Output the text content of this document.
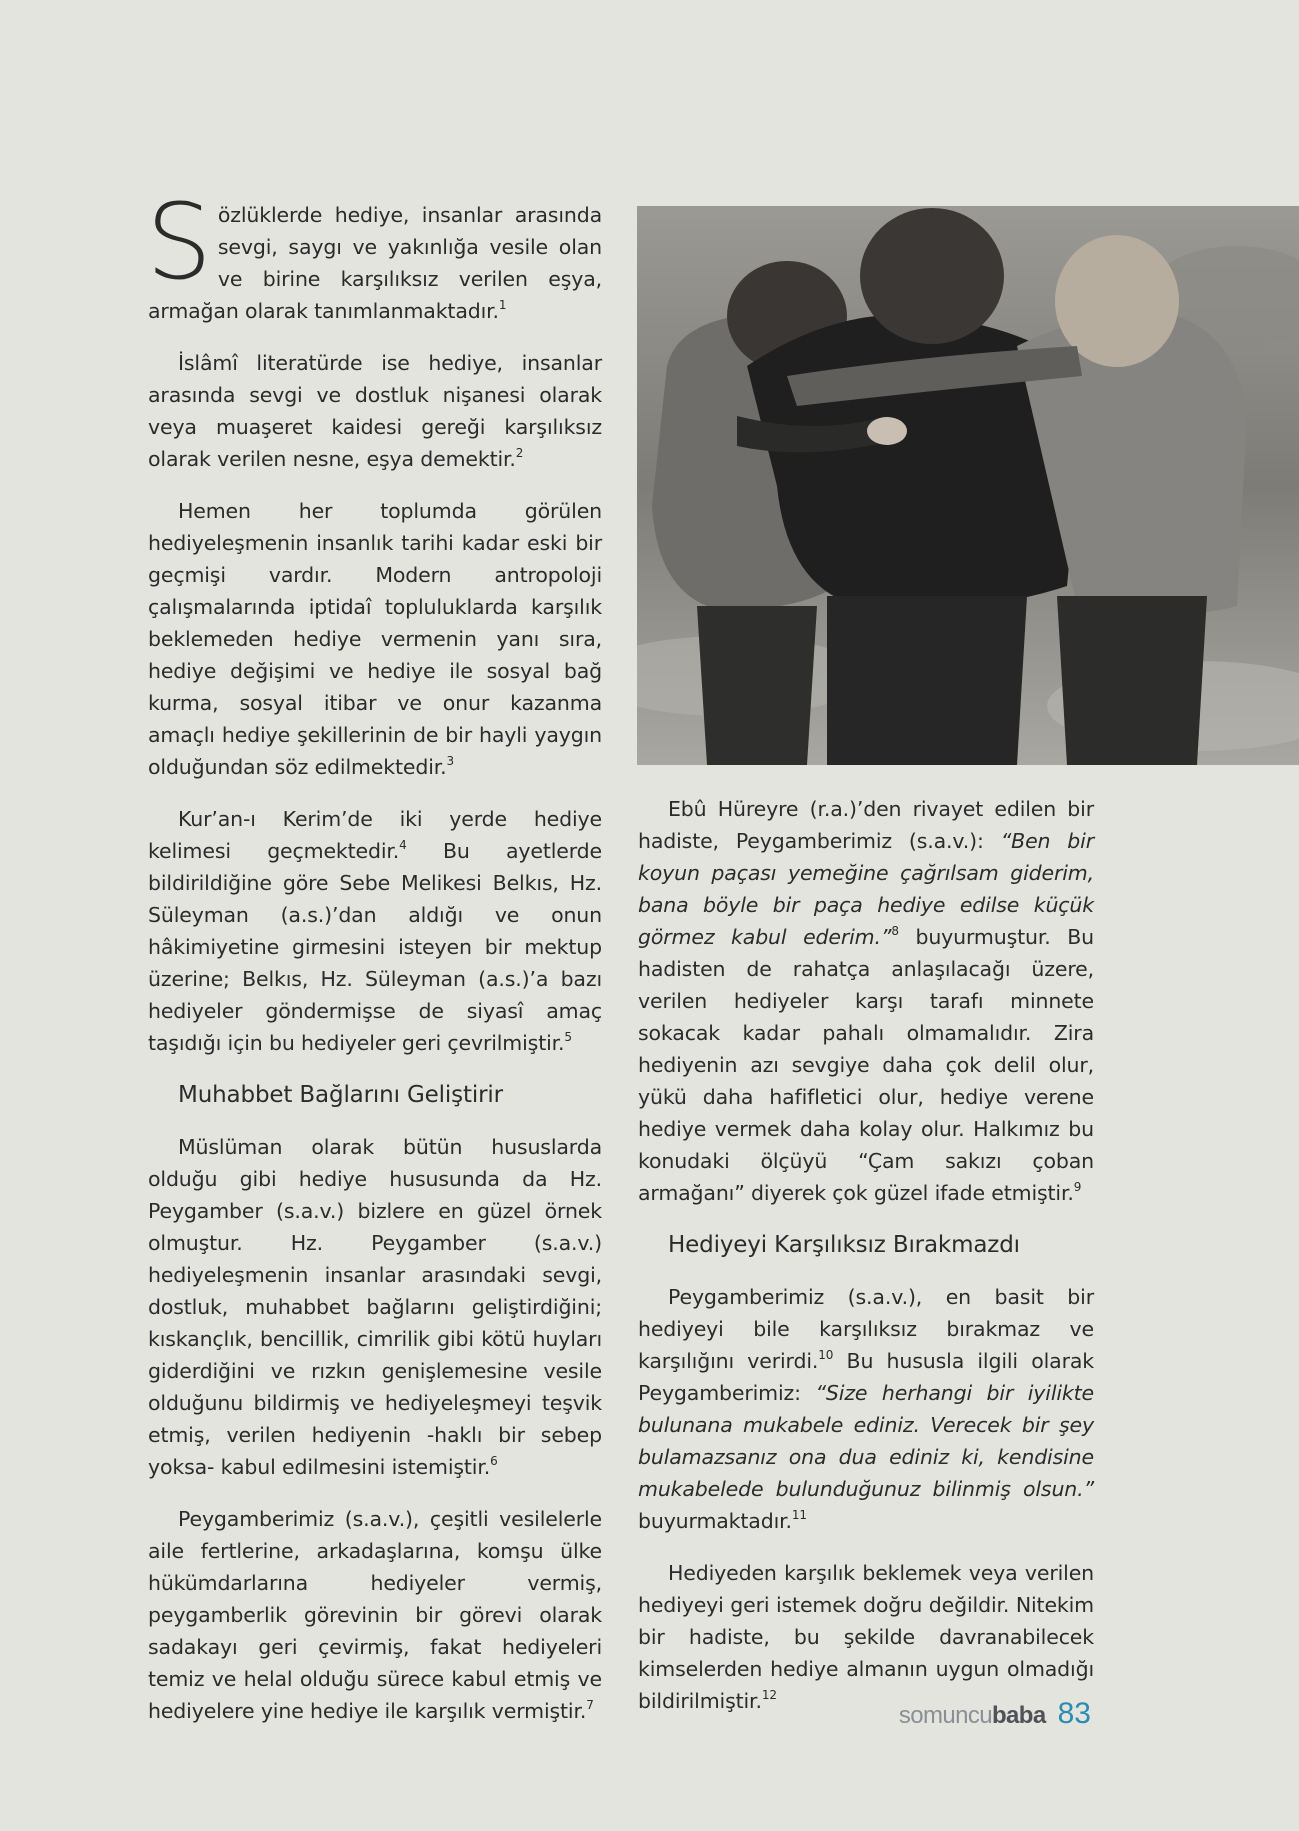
Sözlüklerde hediye, insanlar arasında sevgi, saygı ve yakınlığa vesile olan ve birine karşılıksız verilen eşya, armağan olarak tanımlanmaktadır.$^1$

İslâmî literatürde ise hediye, insanlar arasında sevgi ve dostluk nişanesi olarak veya muaşeret kaidesi gereği karşılıksız olarak verilen nesne, eşya demektir.$^2$

Hemen her toplumda görülen hediyeleşmenin insanlık tarihi kadar eski bir geçmişi vardır. Modern antropoloji çalışmalarında iptidaî topluluklarda karşılık beklemeden hediye vermenin yanı sıra, hediye değişimi ve hediye ile sosyal bağ kurma, sosyal itibar ve onur kazanma amaçlı hediye şekillerinin de bir hayli yaygın olduğundan söz edilmektedir.$^3$

Kur’an-ı Kerim’de iki yerde hediye kelimesi geçmektedir.$^4$ Bu ayetlerde bildirildiğine göre Sebe Melikesi Belkıs, Hz. Süleyman (a.s.)’dan aldığı ve onun hâkimiyetine girmesini isteyen bir mektup üzerine; Belkıs, Hz. Süleyman (a.s.)’a bazı hediyeler göndermişse de siyasî amaç taşıdığı için bu hediyeler geri çevrilmiştir.$^5$

Muhabbet Bağlarını Geliştirir

Müslüman olarak bütün hususlarda olduğu gibi hediye hususunda da Hz. Peygamber (s.a.v.) bizlere en güzel örnek olmuştur. Hz. Peygamber (s.a.v.) hediyeleşmenin insanlar arasındaki sevgi, dostluk, muhabbet bağlarını geliştirdiğini; kıskançlık, bencillik, cimrilik gibi kötü huyları giderdiğini ve rızkın genişlemesine vesile olduğunu bildirmiş ve hediyeleşmeyi teşvik etmiş, verilen hediyenin -haklı bir sebep yoksa- kabul edilmesini istemiştir.$^6$

Peygamberimiz (s.a.v.), çeşitli vesilelerle aile fertlerine, arkadaşlarına, komşu ülke hükümdarlarına hediyeler vermiş, peygamberlik görevinin bir görevi olarak sadakayı geri çevirmiş, fakat hediyeleri temiz ve helal olduğu sürece kabul etmiş ve hediyelere yine hediye ile karşılık vermiştir.$^7$

Ebû Hüreyre (r.a.)’den rivayet edilen bir hadiste, Peygamberimiz (s.a.v.): “Ben bir koyun paçası yemeğine çağrılsam giderim, bana böyle bir paça hediye edilse küçük görmez kabul ederim.”$^8$ buyurmuştur. Bu hadisten de rahatça anlaşılacağı üzere, verilen hediyeler karşı tarafı minnete sokacak kadar pahalı olmamalıdır. Zira hediyenin azı sevgiye daha çok delil olur, yükü daha hafifletici olur, hediye verene hediye vermek daha kolay olur. Halkımız bu konudaki ölçüyü “Çam sakızı çoban armağanı” diyerek çok güzel ifade etmiştir.$^9$

Hediyeyi Karşılıksız Bırakmazdı

Peygamberimiz (s.a.v.), en basit bir hediyeyi bile karşılıksız bırakmaz ve karşılığını verirdi.$^{10}$ Bu hususla ilgili olarak Peygamberimiz: “Size herhangi bir iyilikte bulunana mukabele ediniz. Verecek bir şey bulamazsanız ona dua ediniz ki, kendisine mukabelede bulunduğunuz bilinmiş olsun.” buyurmaktadır.$^{11}$

Hediyeden karşılık beklemek veya verilen hediyeyi geri istemek doğru değildir. Nitekim bir hadiste, bu şekilde davranabilecek kimselerden hediye almanın uygun olmadığı bildirilmiştir.$^{12}$

somuncubaba 83
